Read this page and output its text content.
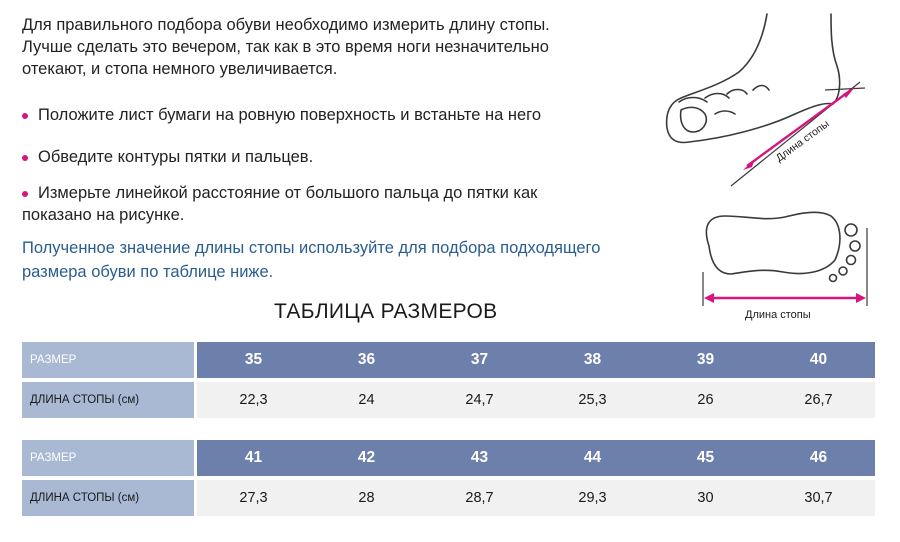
Для правильного подбора обуви необходимо измерить длину стопы.
Лучше сделать это вечером, так как в это время ноги незначительно
отекают, и стопа немного увеличивается.
Положите лист бумаги на ровную поверхность и встаньте на него
Обведите контуры пятки и пальцев.
Измерьте линейкой расстояние от большого пальца до пятки как
показано на рисунке.
Полученное значение длины стопы используйте для подбора подходящего
размера обуви по таблице ниже.
Длина стопы
Длина стопы
ТАБЛИЦА РАЗМЕРОВ
РАЗМЕР	35	36	37	38	39	40
ДЛИНА СТОПЫ (см)	22,3	24	24,7	25,3	26	26,7
РАЗМЕР	41	42	43	44	45	46
ДЛИНА СТОПЫ (см)	27,3	28	28,7	29,3	30	30,7
